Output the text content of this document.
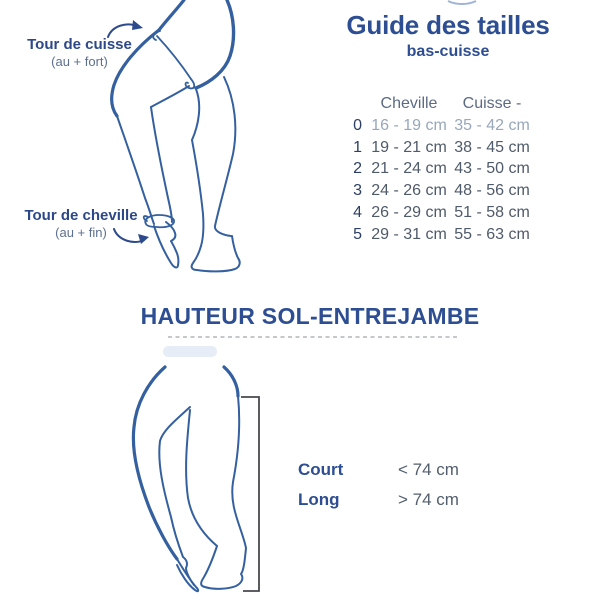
Tour de cuisse
(au + fort)
Tour de cheville
(au + fin)
Guide des tailles
bas-cuisse
Cheville	Cuisse -
0 16 - 19 cm 35 - 42 cm
1 19 - 21 cm 38 - 45 cm
2 21 - 24 cm 43 - 50 cm
3 24 - 26 cm 48 - 56 cm
4 26 - 29 cm 51 - 58 cm
5 29 - 31 cm 55 - 63 cm
HAUTEUR SOL-ENTREJAMBE
Court	< 74 cm
Long	> 74 cm
